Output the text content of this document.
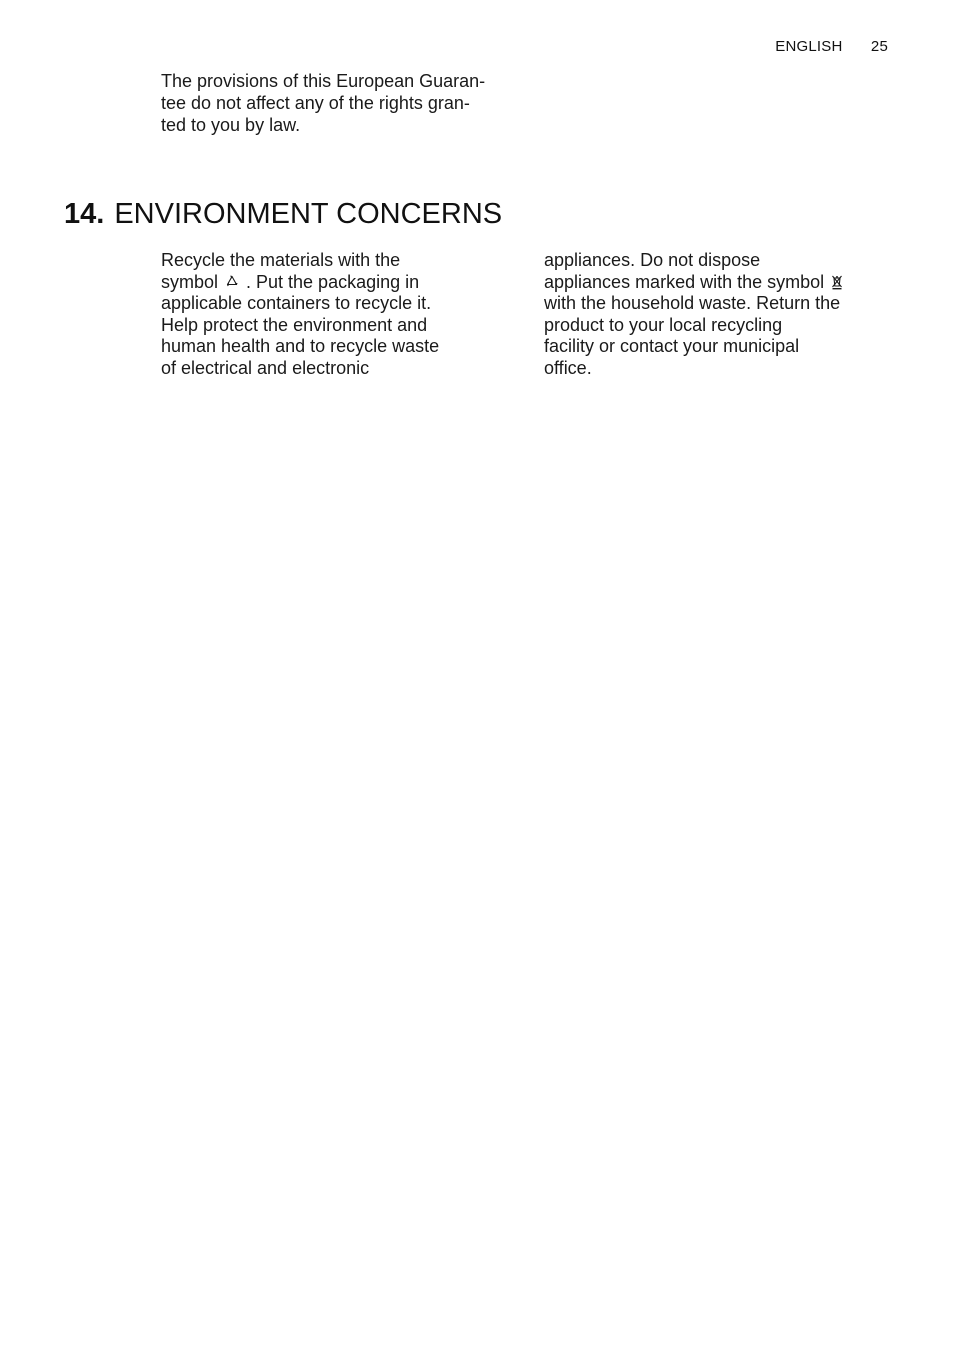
ENGLISH 25
The provisions of this European Guaran-
tee do not affect any of the rights gran-
ted to you by law.
14. ENVIRONMENT CONCERNS
Recycle the materials with the
symbol
. Put the packaging in
applicable containers to recycle it.
Help protect the environment and
human health and to recycle waste
of electrical and electronic
appliances. Do not dispose
appliances marked with the symbol
with the household waste. Return the
product to your local recycling
facility or contact your municipal
office.
